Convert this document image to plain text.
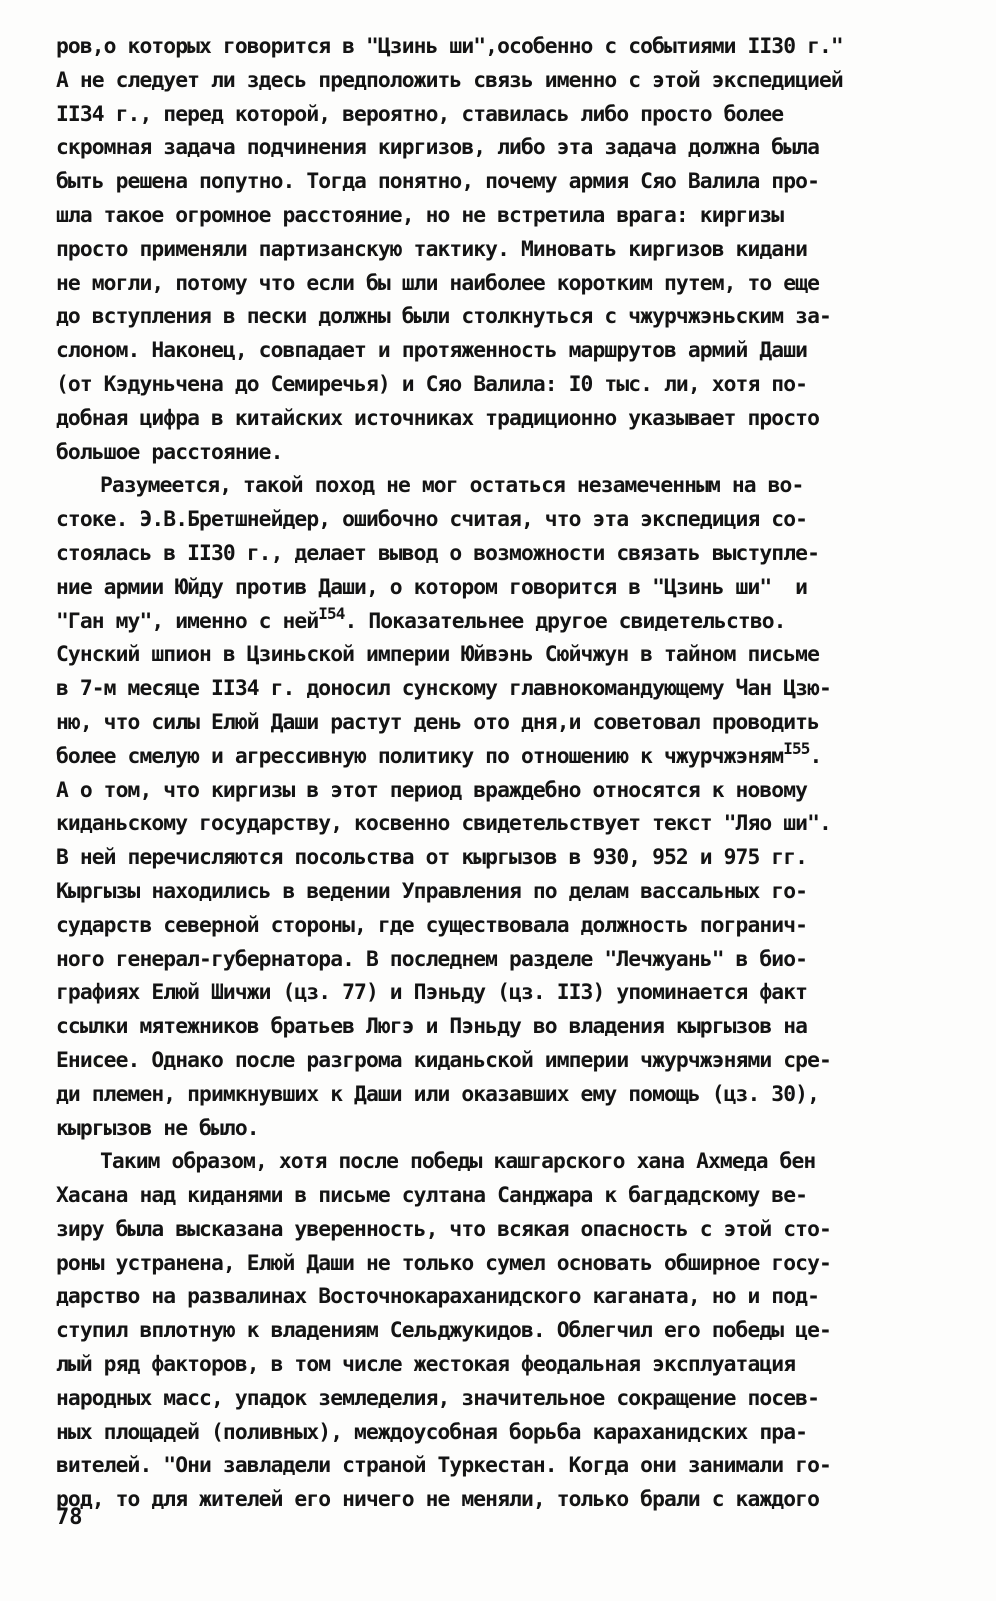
ров,о которых говорится в "Цзинь ши",особенно с событиями II30 г."
А не следует ли здесь предположить связь именно с этой экспедицией
II34 г., перед которой, вероятно, ставилась либо просто более
скромная задача подчинения киргизов, либо эта задача должна была
быть решена попутно. Тогда понятно, почему армия Сяо Валила про-
шла такое огромное расстояние, но не встретила врага: киргизы
просто применяли партизанскую тактику. Миновать киргизов кидани
не могли, потому что если бы шли наиболее коротким путем, то еще
до вступления в пески должны были столкнуться с чжурчжэньским за-
слоном. Наконец, совпадает и протяженность маршрутов армий Даши
(от Кэдуньчена до Семиречья) и Сяо Валила: I0 тыс. ли, хотя по-
добная цифра в китайских источниках традиционно указывает просто
большое расстояние.
Разумеется, такой поход не мог остаться незамеченным на во-
стоке. Э.В.Бретшнейдер, ошибочно считая, что эта экспедиция со-
стоялась в II30 г., делает вывод о возможности связать выступле-
ние армии Юйду против Даши, о котором говорится в "Цзинь ши"  и
"Ган му", именно с ней$^{I54}$. Показательнее другое свидетельство.
Сунский шпион в Цзиньской империи Юйвэнь Сюйчжун в тайном письме
в 7-м месяце II34 г. доносил сунскому главнокомандующему Чан Цзю-
ню, что силы Елюй Даши растут день ото дня,и советовал проводить
более смелую и агрессивную политику по отношению к чжурчжэням$^{I55}$.
А о том, что киргизы в этот период враждебно относятся к новому
киданьскому государству, косвенно свидетельствует текст "Ляо ши".
В ней перечисляются посольства от кыргызов в 930, 952 и 975 гг.
Кыргызы находились в ведении Управления по делам вассальных го-
сударств северной стороны, где существовала должность погранич-
ного генерал-губернатора. В последнем разделе "Лечжуань" в био-
графиях Елюй Шичжи (цз. 77) и Пэньду (цз. II3) упоминается факт
ссылки мятежников братьев Люгэ и Пэньду во владения кыргызов на
Енисее. Однако после разгрома киданьской империи чжурчжэнями сре-
ди племен, примкнувших к Даши или оказавших ему помощь (цз. 30),
кыргызов не было.
Таким образом, хотя после победы кашгарского хана Ахмеда бен
Хасана над киданями в письме султана Санджара к багдадскому ве-
зиру была высказана уверенность, что всякая опасность с этой сто-
роны устранена, Елюй Даши не только сумел основать обширное госу-
дарство на развалинах Восточнокараханидского каганата, но и под-
ступил вплотную к владениям Сельджукидов. Облегчил его победы це-
лый ряд факторов, в том числе жестокая феодальная эксплуатация
народных масс, упадок земледелия, значительное сокращение посев-
ных площадей (поливных), междоусобная борьба караханидских пра-
вителей. "Они завладели страной Туркестан. Когда они занимали го-
род, то для жителей его ничего не меняли, только брали с каждого
78
